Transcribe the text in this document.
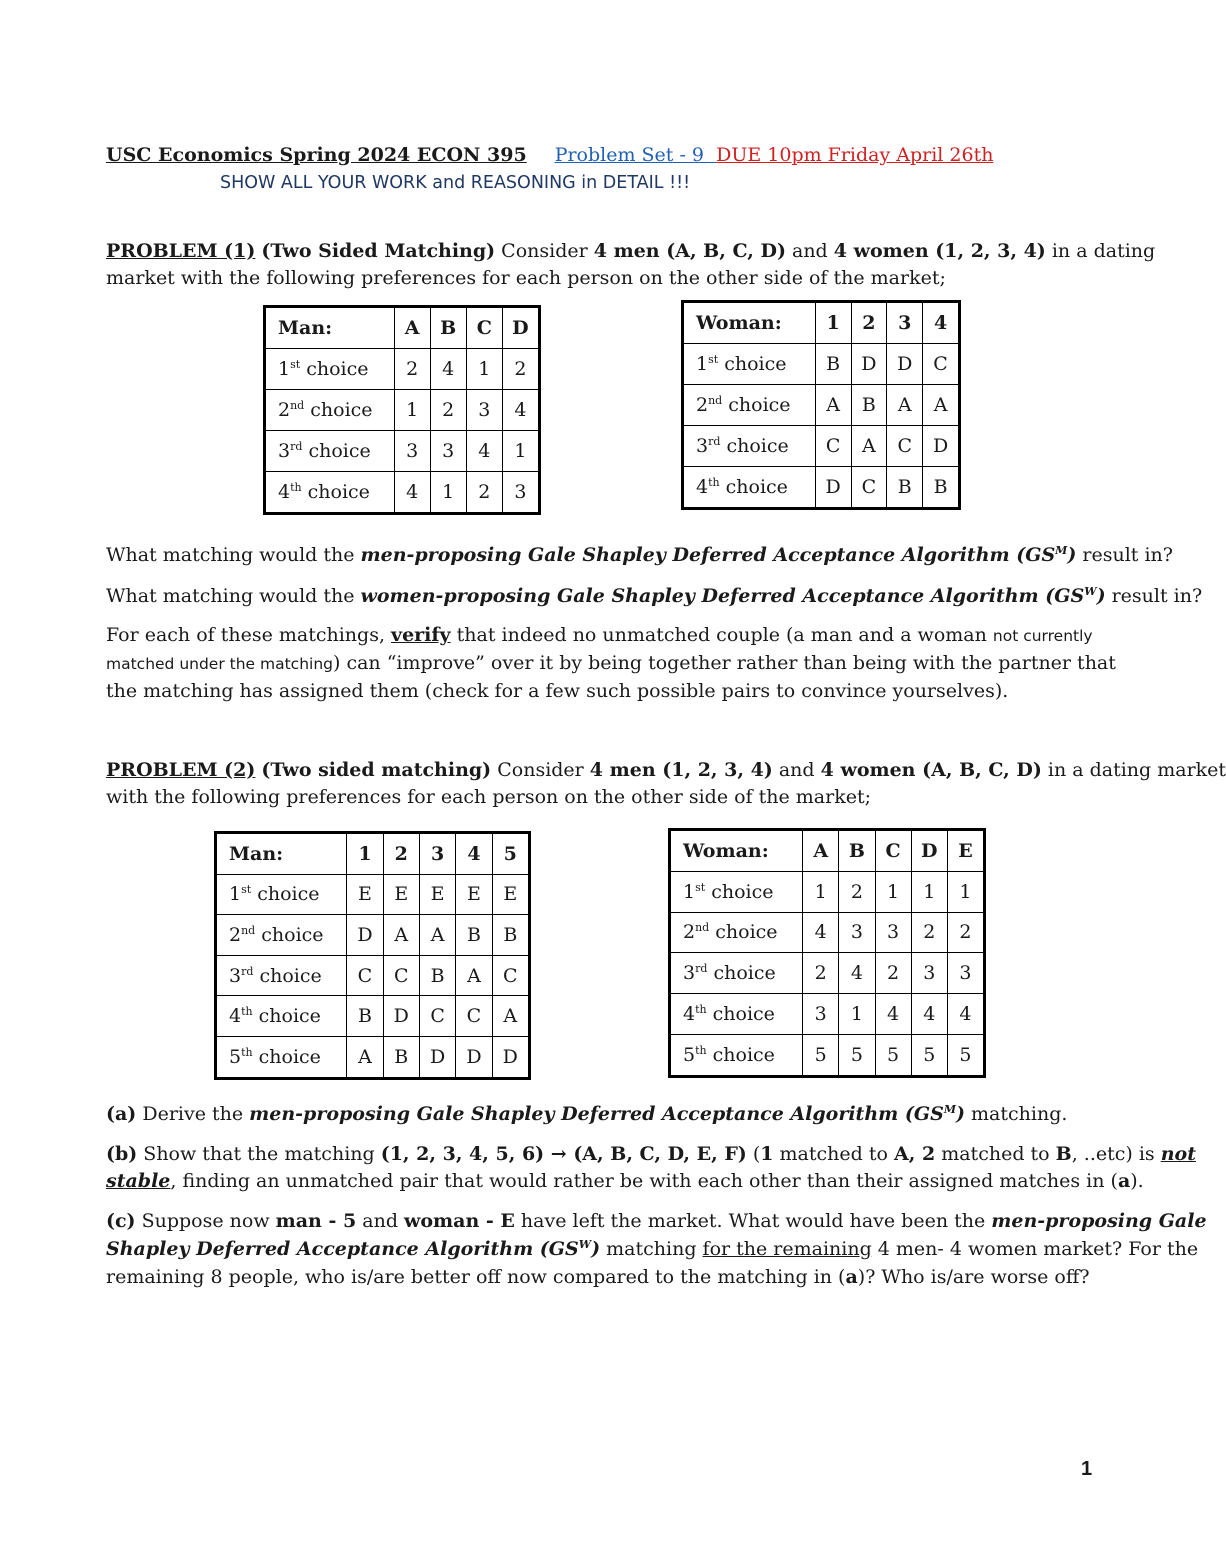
USC Economics Spring 2024 ECON 395 Problem Set - 9 DUE 10pm Friday April 26th
SHOW ALL YOUR WORK and REASONING in DETAIL !!!
PROBLEM (1) (Two Sided Matching) Consider 4 men (A, B, C, D) and 4 women (1, 2, 3, 4) in a dating
market with the following preferences for each person on the other side of the market;
Man:	A	B	C	D
1st choice	2	4	1	2
2nd choice	1	2	3	4
3rd choice	3	3	4	1
4th choice	4	1	2	3
Woman:	1	2	3	4
1st choice	B	D	D	C
2nd choice	A	B	A	A
3rd choice	C	A	C	D
4th choice	D	C	B	B
What matching would the men-proposing Gale Shapley Deferred Acceptance Algorithm $(GS^M)$ result in?
What matching would the women-proposing Gale Shapley Deferred Acceptance Algorithm $(GS^W)$ result in?
For each of these matchings, verify that indeed no unmatched couple (a man and a woman not currently
matched under the matching) can “improve” over it by being together rather than being with the partner that
the matching has assigned them (check for a few such possible pairs to convince yourselves).
PROBLEM (2) (Two sided matching) Consider 4 men (1, 2, 3, 4) and 4 women (A, B, C, D) in a dating market
with the following preferences for each person on the other side of the market;
Man:	1	2	3	4	5
1st choice	E	E	E	E	E
2nd choice	D	A	A	B	B
3rd choice	C	C	B	A	C
4th choice	B	D	C	C	A
5th choice	A	B	D	D	D
Woman:	A	B	C	D	E
1st choice	1	2	1	1	1
2nd choice	4	3	3	2	2
3rd choice	2	4	2	3	3
4th choice	3	1	4	4	4
5th choice	5	5	5	5	5
(a) Derive the men-proposing Gale Shapley Deferred Acceptance Algorithm $(GS^M)$ matching.
(b) Show that the matching (1, 2, 3, 4, 5, 6) → (A, B, C, D, E, F) (1 matched to A, 2 matched to B, ..etc) is not
stable, finding an unmatched pair that would rather be with each other than their assigned matches in (a).
(c) Suppose now man - 5 and woman - E have left the market. What would have been the men-proposing Gale
Shapley Deferred Acceptance Algorithm $(GS^W)$ matching for the remaining 4 men- 4 women market? For the
remaining 8 people, who is/are better off now compared to the matching in (a)? Who is/are worse off?
1
